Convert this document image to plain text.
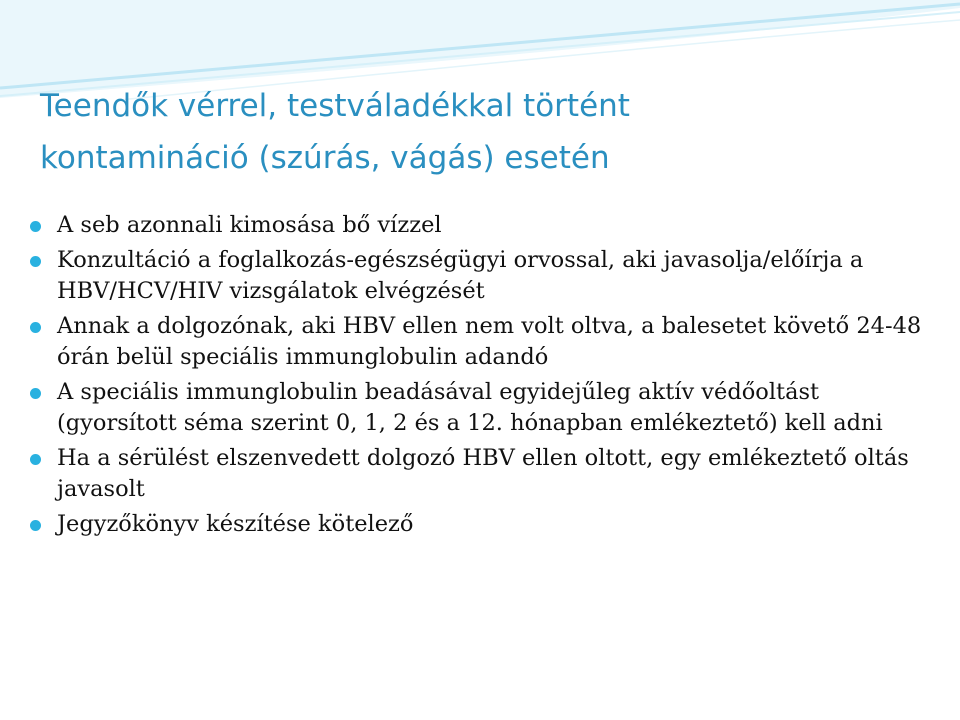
Teendők vérrel, testváladékkal történt
kontamináció (szúrás, vágás) esetén
A seb azonnali kimosása bő vízzel
Konzultáció a foglalkozás-egészségügyi orvossal, aki javasolja/előírja a HBV/HCV/HIV vizsgálatok elvégzését
Annak a dolgozónak, aki HBV ellen nem volt oltva, a balesetet követő 24-48 órán belül speciális immunglobulin adandó
A speciális immunglobulin beadásával egyidejűleg aktív védőoltást (gyorsított séma szerint 0, 1, 2 és a 12. hónapban emlékeztető) kell adni
Ha a sérülést elszenvedett dolgozó HBV ellen oltott, egy emlékeztető oltás javasolt
Jegyzőkönyv készítése kötelező
